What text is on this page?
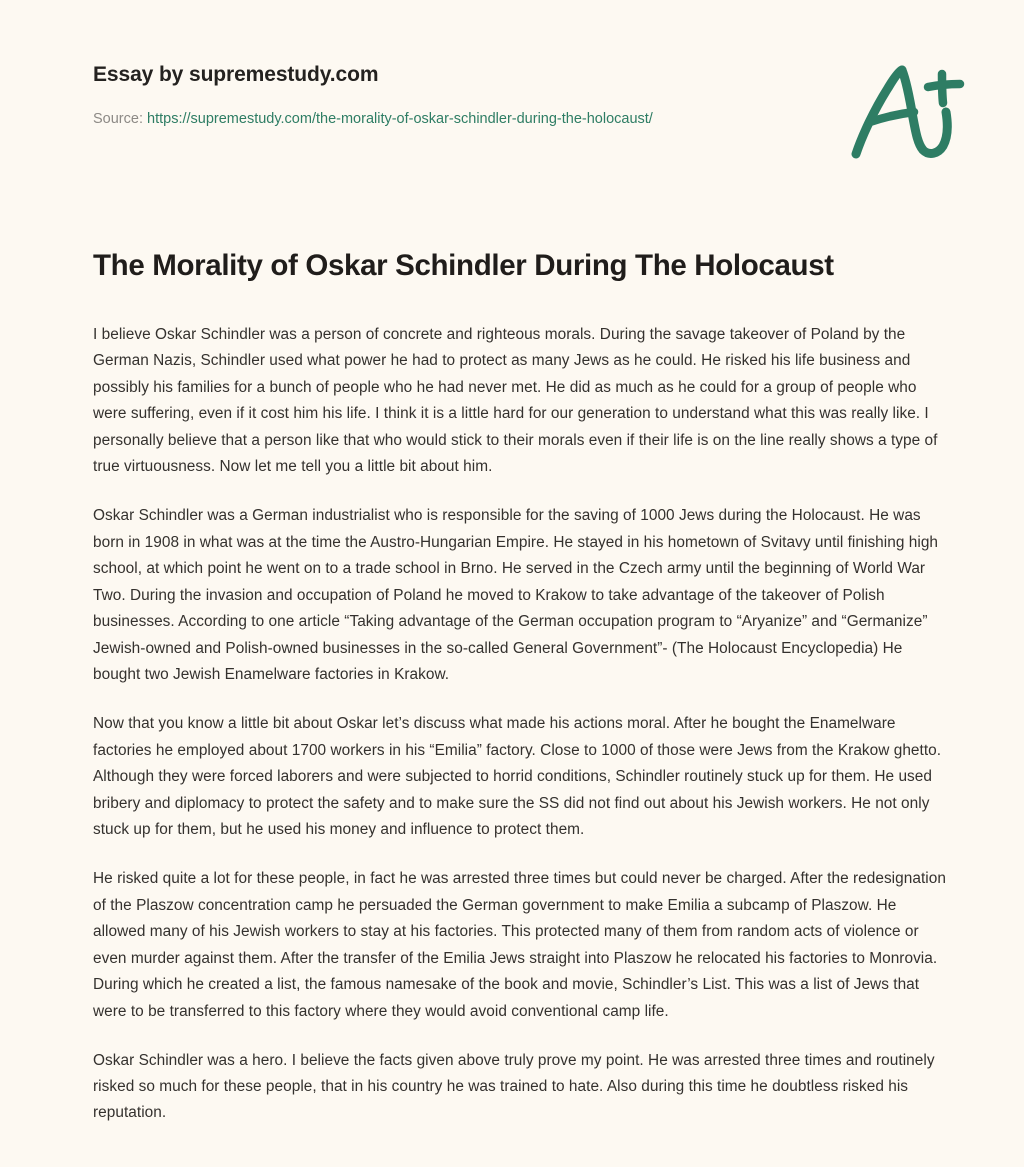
Essay by supremestudy.com
Source: https://supremestudy.com/the-morality-of-oskar-schindler-during-the-holocaust/
The Morality of Oskar Schindler During The Holocaust

I believe Oskar Schindler was a person of concrete and righteous morals. During the savage takeover of Poland by the German Nazis, Schindler used what power he had to protect as many Jews as he could. He risked his life business and possibly his families for a bunch of people who he had never met. He did as much as he could for a group of people who were suffering, even if it cost him his life. I think it is a little hard for our generation to understand what this was really like. I personally believe that a person like that who would stick to their morals even if their life is on the line really shows a type of true virtuousness. Now let me tell you a little bit about him.

Oskar Schindler was a German industrialist who is responsible for the saving of 1000 Jews during the Holocaust. He was born in 1908 in what was at the time the Austro-Hungarian Empire. He stayed in his hometown of Svitavy until finishing high school, at which point he went on to a trade school in Brno. He served in the Czech army until the beginning of World War Two. During the invasion and occupation of Poland he moved to Krakow to take advantage of the takeover of Polish businesses. According to one article “Taking advantage of the German occupation program to “Aryanize” and “Germanize” Jewish-owned and Polish-owned businesses in the so-called General Government”- (The Holocaust Encyclopedia) He bought two Jewish Enamelware factories in Krakow.

Now that you know a little bit about Oskar let’s discuss what made his actions moral. After he bought the Enamelware factories he employed about 1700 workers in his “Emilia” factory. Close to 1000 of those were Jews from the Krakow ghetto. Although they were forced laborers and were subjected to horrid conditions, Schindler routinely stuck up for them. He used bribery and diplomacy to protect the safety and to make sure the SS did not find out about his Jewish workers. He not only stuck up for them, but he used his money and influence to protect them.

He risked quite a lot for these people, in fact he was arrested three times but could never be charged. After the redesignation of the Plaszow concentration camp he persuaded the German government to make Emilia a subcamp of Plaszow. He allowed many of his Jewish workers to stay at his factories. This protected many of them from random acts of violence or even murder against them. After the transfer of the Emilia Jews straight into Plaszow he relocated his factories to Monrovia. During which he created a list, the famous namesake of the book and movie, Schindler’s List. This was a list of Jews that were to be transferred to this factory where they would avoid conventional camp life.

Oskar Schindler was a hero. I believe the facts given above truly prove my point. He was arrested three times and routinely risked so much for these people, that in his country he was trained to hate. Also during this time he doubtless risked his reputation.
